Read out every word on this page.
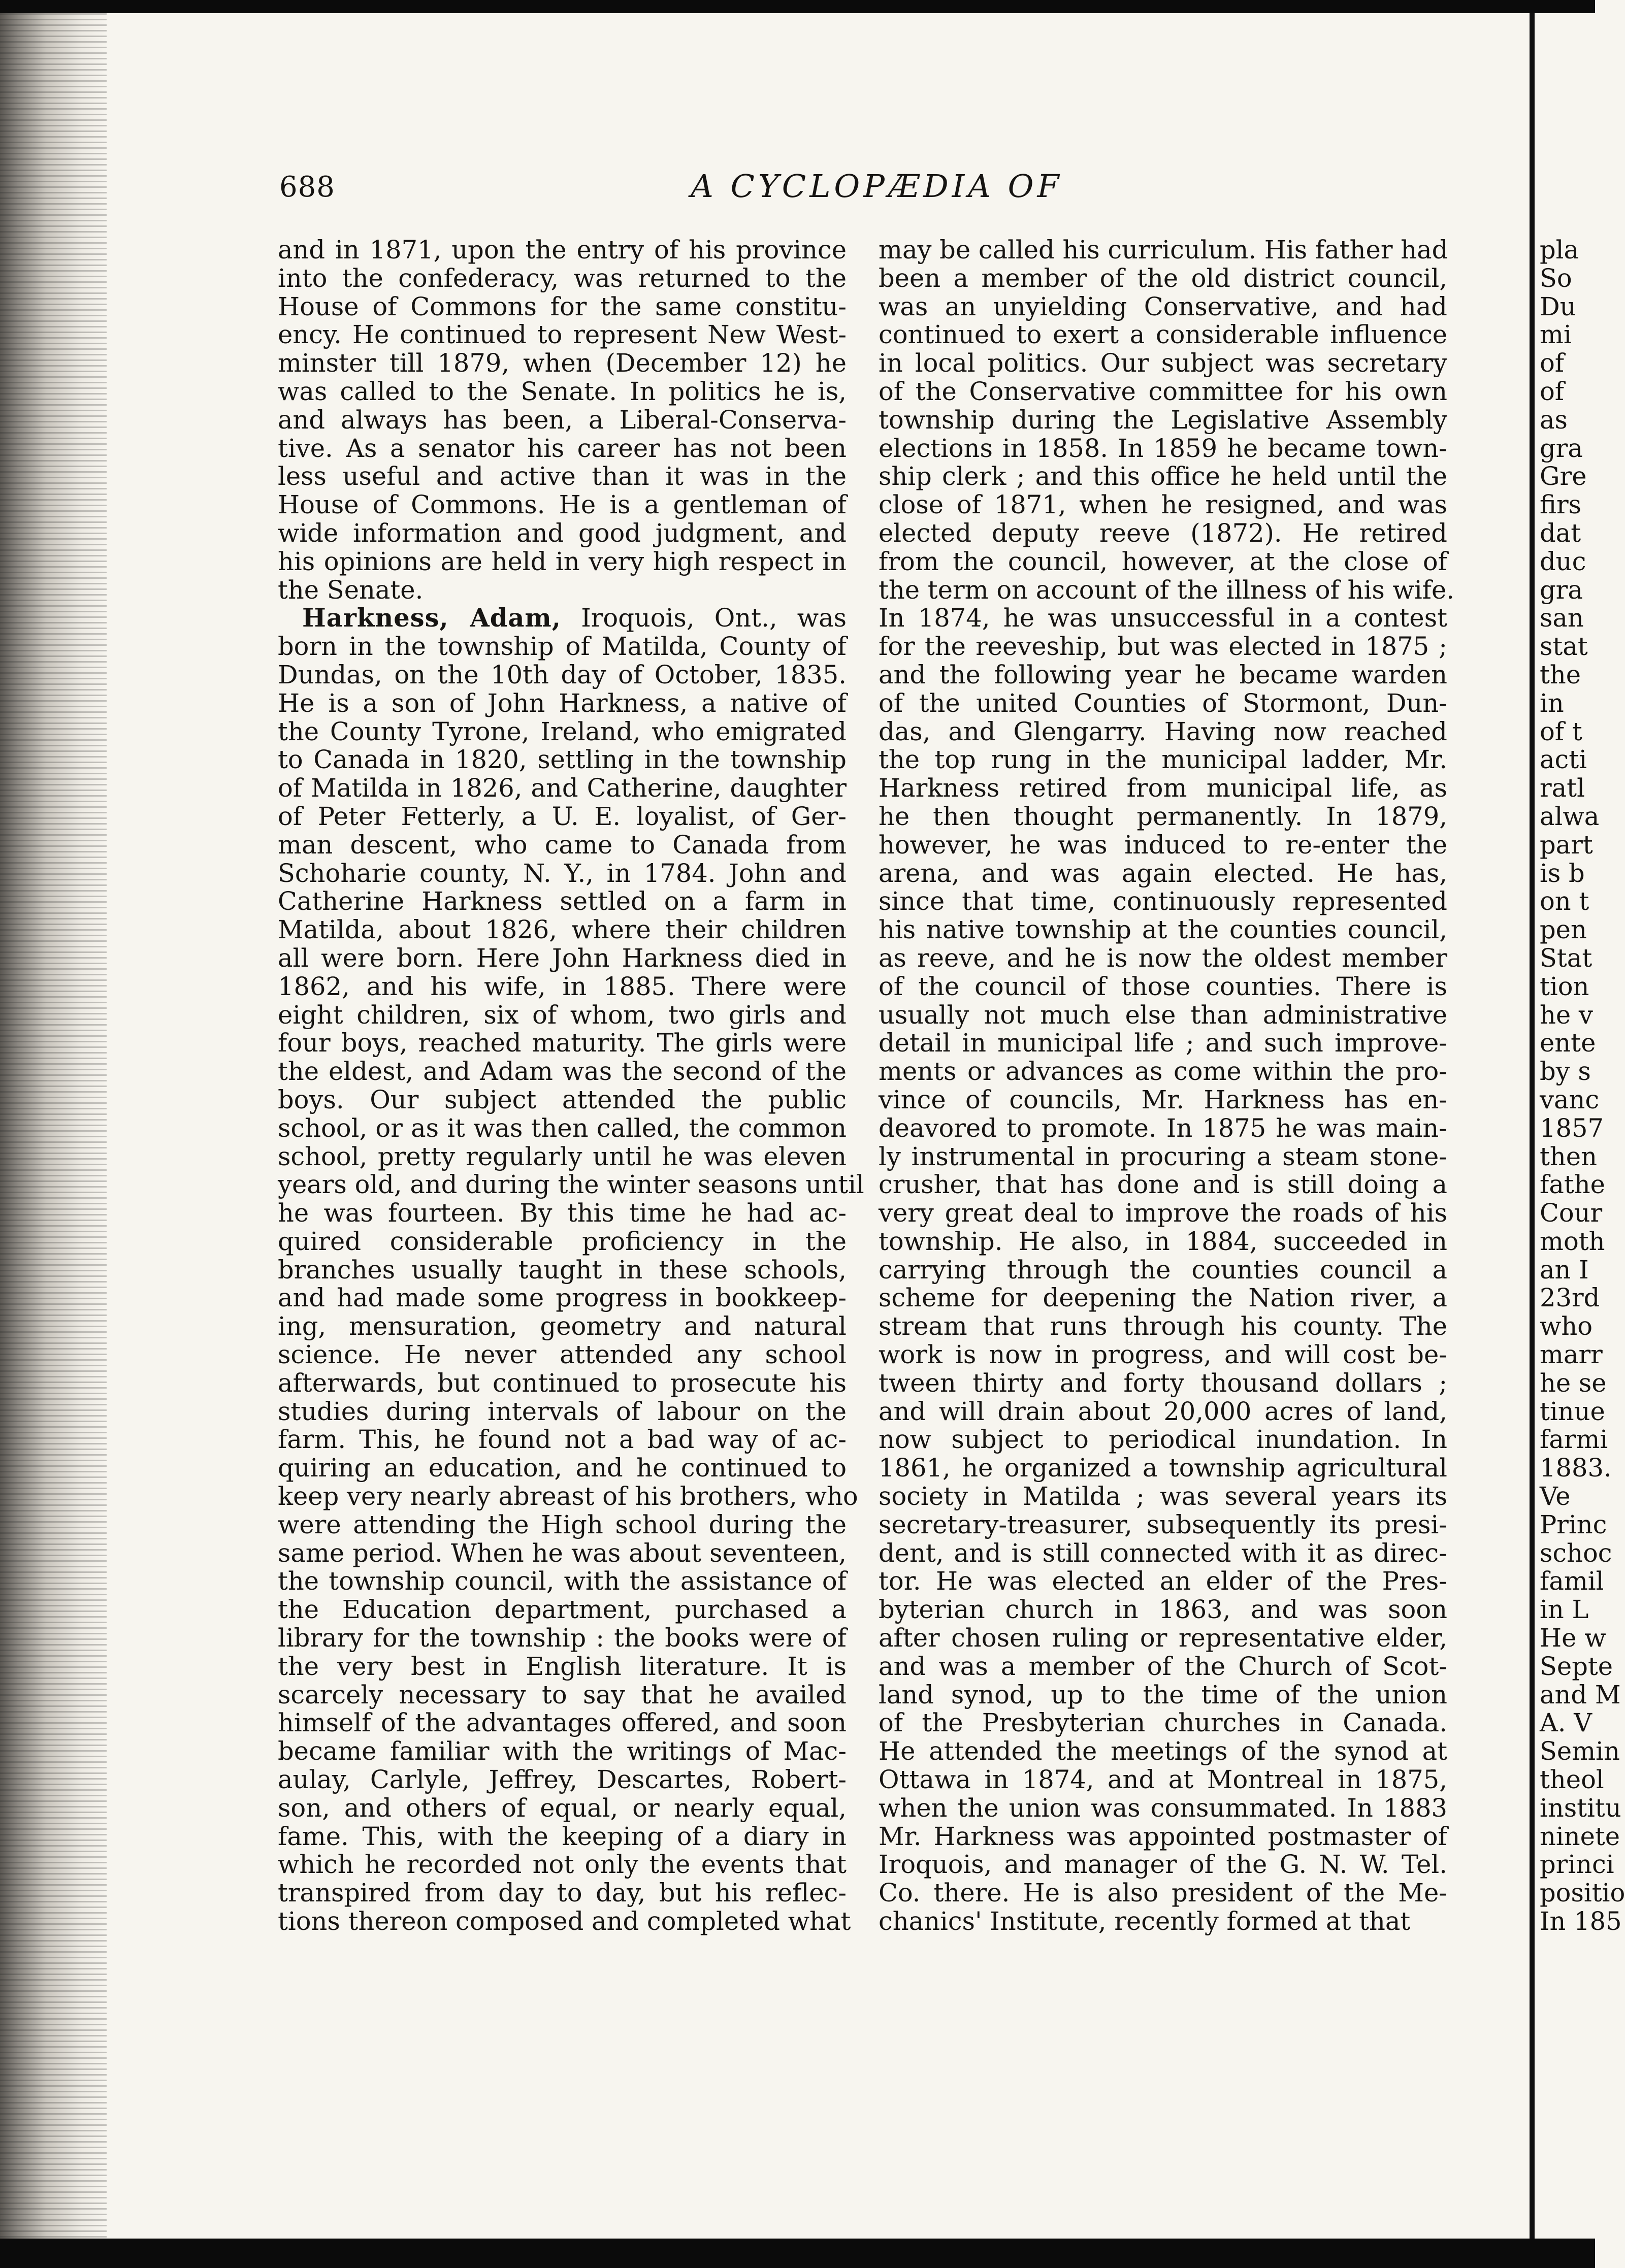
688	A CYCLOPÆDIA OF
and in 1871, upon the entry of his province
into the confederacy, was returned to the
House of Commons for the same constitu-
ency. He continued to represent New West-
minster till 1879, when (December 12) he
was called to the Senate. In politics he is,
and always has been, a Liberal-Conserva-
tive. As a senator his career has not been
less useful and active than it was in the
House of Commons. He is a gentleman of
wide information and good judgment, and
his opinions are held in very high respect in
the Senate.
Harkness, Adam, Iroquois, Ont., was
born in the township of Matilda, County of
Dundas, on the 10th day of October, 1835.
He is a son of John Harkness, a native of
the County Tyrone, Ireland, who emigrated
to Canada in 1820, settling in the township
of Matilda in 1826, and Catherine, daughter
of Peter Fetterly, a U. E. loyalist, of Ger-
man descent, who came to Canada from
Schoharie county, N. Y., in 1784. John and
Catherine Harkness settled on a farm in
Matilda, about 1826, where their children
all were born. Here John Harkness died in
1862, and his wife, in 1885. There were
eight children, six of whom, two girls and
four boys, reached maturity. The girls were
the eldest, and Adam was the second of the
boys. Our subject attended the public
school, or as it was then called, the common
school, pretty regularly until he was eleven
years old, and during the winter seasons until
he was fourteen. By this time he had ac-
quired considerable proficiency in the
branches usually taught in these schools,
and had made some progress in bookkeep-
ing, mensuration, geometry and natural
science. He never attended any school
afterwards, but continued to prosecute his
studies during intervals of labour on the
farm. This, he found not a bad way of ac-
quiring an education, and he continued to
keep very nearly abreast of his brothers, who
were attending the High school during the
same period. When he was about seventeen,
the township council, with the assistance of
the Education department, purchased a
library for the township : the books were of
the very best in English literature. It is
scarcely necessary to say that he availed
himself of the advantages offered, and soon
became familiar with the writings of Mac-
aulay, Carlyle, Jeffrey, Descartes, Robert-
son, and others of equal, or nearly equal,
fame. This, with the keeping of a diary in
which he recorded not only the events that
transpired from day to day, but his reflec-
tions thereon composed and completed what
may be called his curriculum. His father had
been a member of the old district council,
was an unyielding Conservative, and had
continued to exert a considerable influence
in local politics. Our subject was secretary
of the Conservative committee for his own
township during the Legislative Assembly
elections in 1858. In 1859 he became town-
ship clerk ; and this office he held until the
close of 1871, when he resigned, and was
elected deputy reeve (1872). He retired
from the council, however, at the close of
the term on account of the illness of his wife.
In 1874, he was unsuccessful in a contest
for the reeveship, but was elected in 1875 ;
and the following year he became warden
of the united Counties of Stormont, Dun-
das, and Glengarry. Having now reached
the top rung in the municipal ladder, Mr.
Harkness retired from municipal life, as
he then thought permanently. In 1879,
however, he was induced to re-enter the
arena, and was again elected. He has,
since that time, continuously represented
his native township at the counties council,
as reeve, and he is now the oldest member
of the council of those counties. There is
usually not much else than administrative
detail in municipal life ; and such improve-
ments or advances as come within the pro-
vince of councils, Mr. Harkness has en-
deavored to promote. In 1875 he was main-
ly instrumental in procuring a steam stone-
crusher, that has done and is still doing a
very great deal to improve the roads of his
township. He also, in 1884, succeeded in
carrying through the counties council a
scheme for deepening the Nation river, a
stream that runs through his county. The
work is now in progress, and will cost be-
tween thirty and forty thousand dollars ;
and will drain about 20,000 acres of land,
now subject to periodical inundation. In
1861, he organized a township agricultural
society in Matilda ; was several years its
secretary-treasurer, subsequently its presi-
dent, and is still connected with it as direc-
tor. He was elected an elder of the Pres-
byterian church in 1863, and was soon
after chosen ruling or representative elder,
and was a member of the Church of Scot-
land synod, up to the time of the union
of the Presbyterian churches in Canada.
He attended the meetings of the synod at
Ottawa in 1874, and at Montreal in 1875,
when the union was consummated. In 1883
Mr. Harkness was appointed postmaster of
Iroquois, and manager of the G. N. W. Tel.
Co. there. He is also president of the Me-
chanics' Institute, recently formed at that
pla
So
Du
mi
of
of
as
gra
Gre
firs
dat
duc
gra
san
stat
the
in
of t
acti
ratl
alwa
part
is b
on t
pen
Stat
tion
he v
ente
by s
vanc
1857
then
fathe
Cour
moth
an I
23rd
who
marr
he se
tinue
farmi
1883.
Ve
Princ
schoc
famil
in L
He w
Septe
and M
A. V
Semin
theol
institu
ninete
princi
positio
In 185
